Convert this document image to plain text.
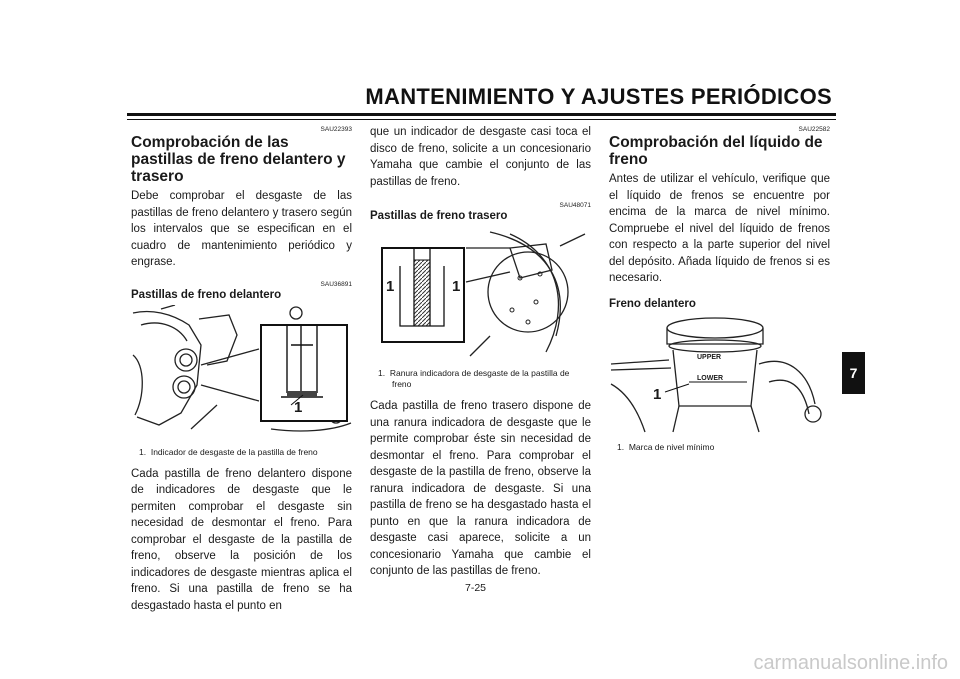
MANTENIMIENTO Y AJUSTES PERIÓDICOS
7
SAU22393
Comprobación de las pastillas de freno delantero y trasero

Debe comprobar el desgaste de las pastillas de freno delantero y trasero según los intervalos que se especifican en el cuadro de mantenimiento periódico y engrase.

SAU36891
Pastillas de freno delantero
1
1. Indicador de desgaste de la pastilla de freno

Cada pastilla de freno delantero dispone de indicadores de desgaste que le permiten comprobar el desgaste sin necesidad de desmontar el freno. Para comprobar el desgaste de la pastilla de freno, observe la posición de los indicadores de desgaste mientras aplica el freno. Si una pastilla de freno se ha desgastado hasta el punto en

que un indicador de desgaste casi toca el disco de freno, solicite a un concesionario Yamaha que cambie el conjunto de las pastillas de freno.

SAU48071
Pastillas de freno trasero
1	1
1. Ranura indicadora de desgaste de la pastilla de freno

Cada pastilla de freno trasero dispone de una ranura indicadora de desgaste que le permite comprobar éste sin necesidad de desmontar el freno. Para comprobar el desgaste de la pastilla de freno, observe la ranura indicadora de desgaste. Si una pastilla de freno se ha desgastado hasta el punto en que la ranura indicadora de desgaste casi aparece, solicite a un concesionario Yamaha que cambie el conjunto de las pastillas de freno.

SAU22582
Comprobación del líquido de freno

Antes de utilizar el vehículo, verifique que el líquido de frenos se encuentre por encima de la marca de nivel mínimo. Compruebe el nivel del líquido de frenos con respecto a la parte superior del nivel del depósito. Añada líquido de frenos si es necesario.

Freno delantero
UPPER
LOWER
1
1. Marca de nivel mínimo
7-25
carmanualsonline.info
